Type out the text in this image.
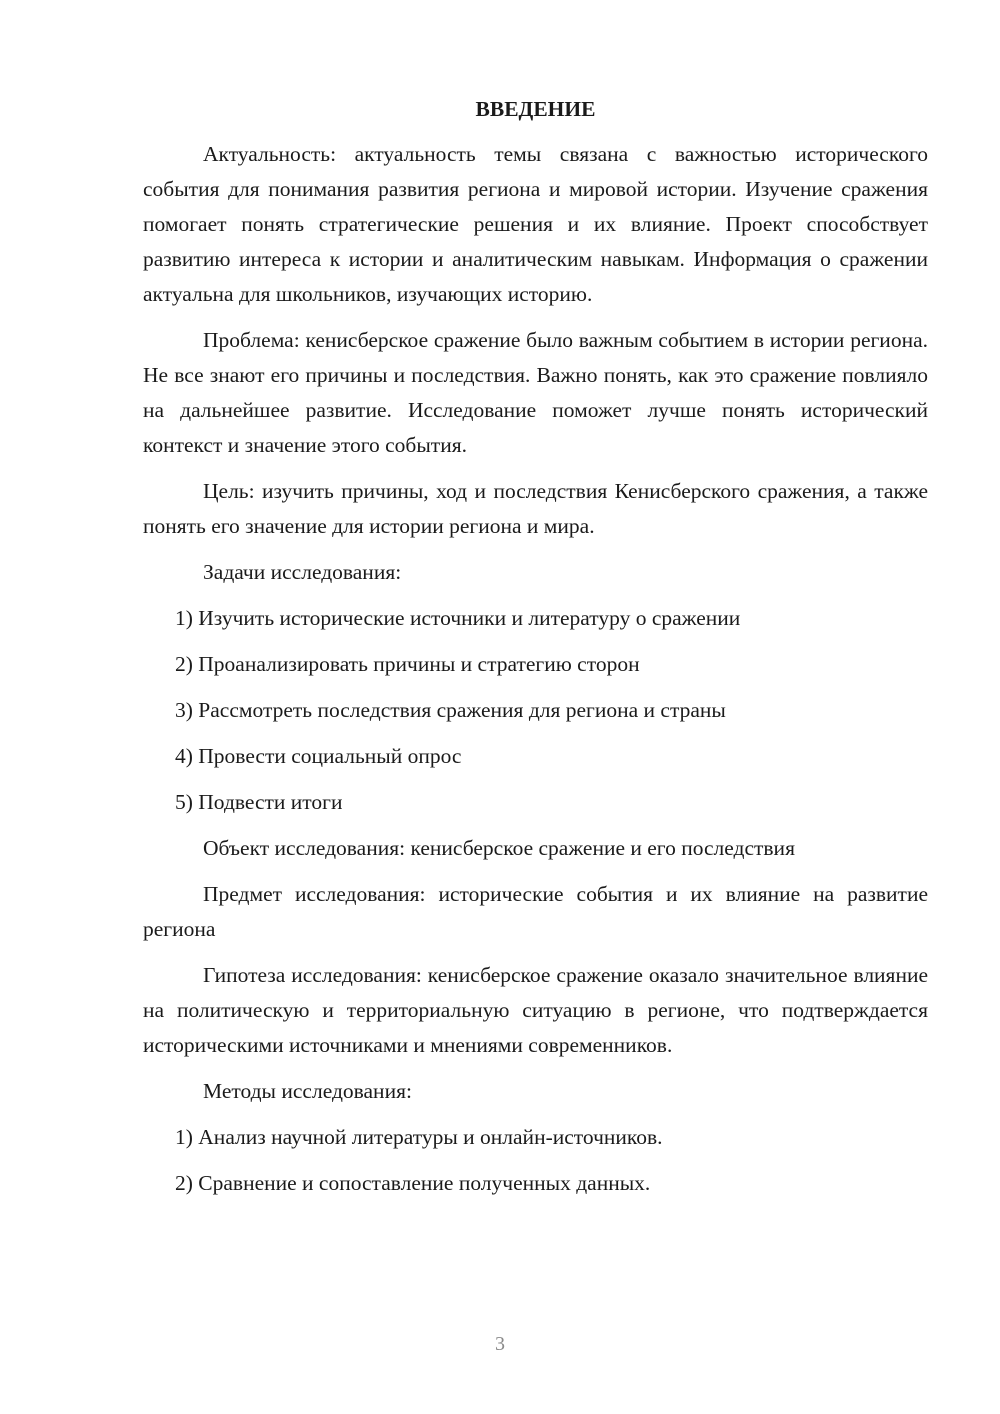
ВВЕДЕНИЕ

Актуальность: актуальность темы связана с важностью исторического события для понимания развития региона и мировой истории. Изучение сражения помогает понять стратегические решения и их влияние. Проект способствует развитию интереса к истории и аналитическим навыкам. Информация о сражении актуальна для школьников, изучающих историю.

Проблема: кенисберское сражение было важным событием в истории региона. Не все знают его причины и последствия. Важно понять, как это сражение повлияло на дальнейшее развитие. Исследование поможет лучше понять исторический контекст и значение этого события.

Цель: изучить причины, ход и последствия Кенисберского сражения, а также понять его значение для истории региона и мира.

Задачи исследования:

1) Изучить исторические источники и литературу о сражении

2) Проанализировать причины и стратегию сторон

3) Рассмотреть последствия сражения для региона и страны

4) Провести социальный опрос

5) Подвести итоги

Объект исследования: кенисберское сражение и его последствия

Предмет исследования: исторические события и их влияние на развитие региона

Гипотеза исследования: кенисберское сражение оказало значительное влияние на политическую и территориальную ситуацию в регионе, что подтверждается историческими источниками и мнениями современников.

Методы исследования:

1) Анализ научной литературы и онлайн-источников.

2) Сравнение и сопоставление полученных данных.

3
